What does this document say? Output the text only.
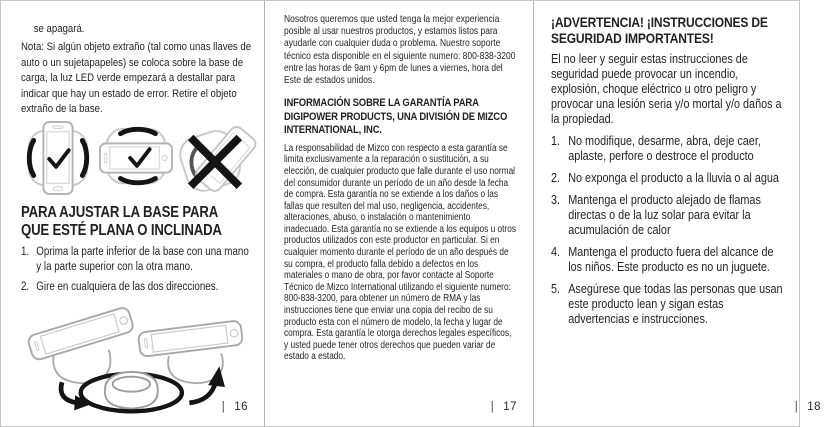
se apagará.

Nota: Si algún objeto extraño (tal como unas llaves de auto o un sujetapapeles) se coloca sobre la base de carga, la luz LED verde empezará a destallar para indicar que hay un estado de error. Retire el objeto extraño de la base.

PARA AJUSTAR LA BASE PARA
QUE ESTÉ PLANA O INCLINADA
1. Oprima la parte inferior de la base con una mano y la parte superior con la otra mano.
2. Gire en cualquiera de las dos direcciones.
| 16

Nosotros queremos que usted tenga la mejor experiencia posible al usar nuestros productos, y estamos listos para ayudarle con cualquier duda o problema. Nuestro soporte técnico esta disponible en el siguiente numero: 800-838-3200 entre las horas de 9am y 6pm de lunes a viernes, hora del Este de estados unidos.

INFORMACIÓN SOBRE LA GARANTÍA PARA
DIGIPOWER PRODUCTS, UNA DIVISIÓN DE MIZCO
INTERNATIONAL, INC.

La responsabilidad de Mizco con respecto a esta garantía se limita exclusivamente a la reparación o sustitución, a su elección, de cualquier producto que falle durante el uso normal del consumidor durante un período de un año desde la fecha de compra. Esta garantía no se extiende a los daños o las fallas que resulten del mal uso, negligencia, accidentes, alteraciones, abuso, o instalación o mantenimiento inadecuado. Esta garantía no se extiende a los equipos u otros productos utilizados con este productor en particular. Si en cualquier momento durante el período de un año después de su compra, el producto falla debido a defectos en los materiales o mano de obra, por favor contacte al Soporte Técnico de Mizco International utilizando el siguiente numero: 800-838-3200, para obtener un número de RMA y las instrucciones tiene que enviar una copia del recibo de su producto esta con el número de modelo, la fecha y lugar de compra. Esta garantía le otorga derechos legales específicos, y usted puede tener otros derechos que pueden variar de estado a estado.

| 17
¡ADVERTENCIA! ¡INSTRUCCIONES DE
SEGURIDAD IMPORTANTES!

El no leer y seguir estas instrucciones de seguridad puede provocar un incendio, explosión, choque eléctrico u otro peligro y provocar una lesión seria y/o mortal y/o daños a la propiedad.

1. No modifique, desarme, abra, deje caer, aplaste, perfore o destroce el producto
2. No exponga el producto a la lluvia o al agua
3. Mantenga el producto alejado de flamas directas o de la luz solar para evitar la acumulación de calor
4. Mantenga el producto fuera del alcance de los niños. Este producto es no un juguete.
5. Asegúrese que todas las personas que usan este producto lean y sigan estas advertencias e instrucciones.
| 18
